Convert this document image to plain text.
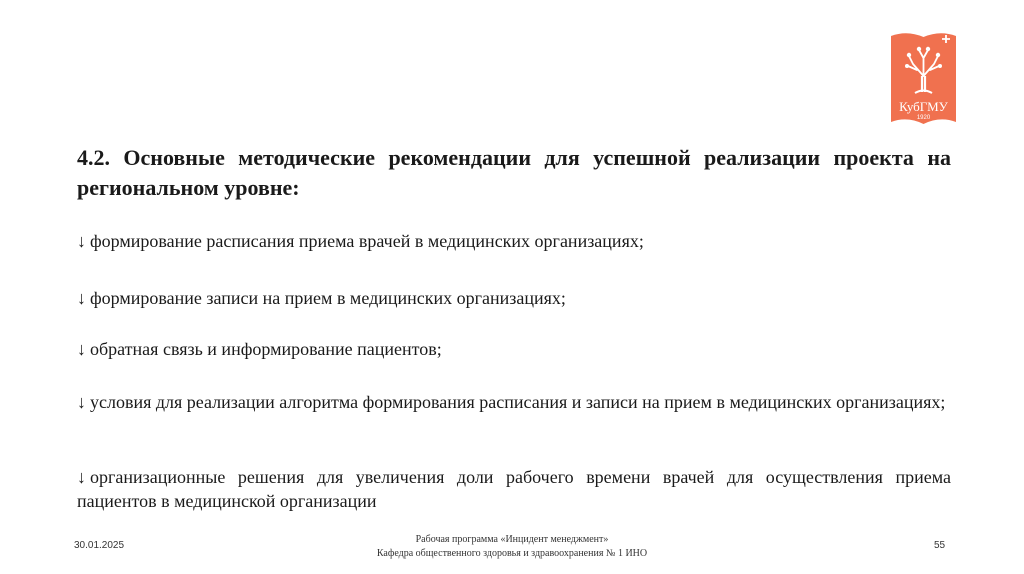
КубГМУ
1920
4.2. Основные методические рекомендации для успешной реализации проекта на региональном уровне:

↓ формирование расписания приема врачей в медицинских организациях;

↓ формирование записи на прием в медицинских организациях;

↓ обратная связь и информирование пациентов;

↓ условия для реализации алгоритма формирования расписания и записи на прием в медицинских организациях;

↓ организационные решения для увеличения доли рабочего времени врачей для осуществления приема пациентов в медицинской организации

30.01.2025
Рабочая программа «Инцидент менеджмент»
Кафедра общественного здоровья и здравоохранения № 1 ИНО
55
